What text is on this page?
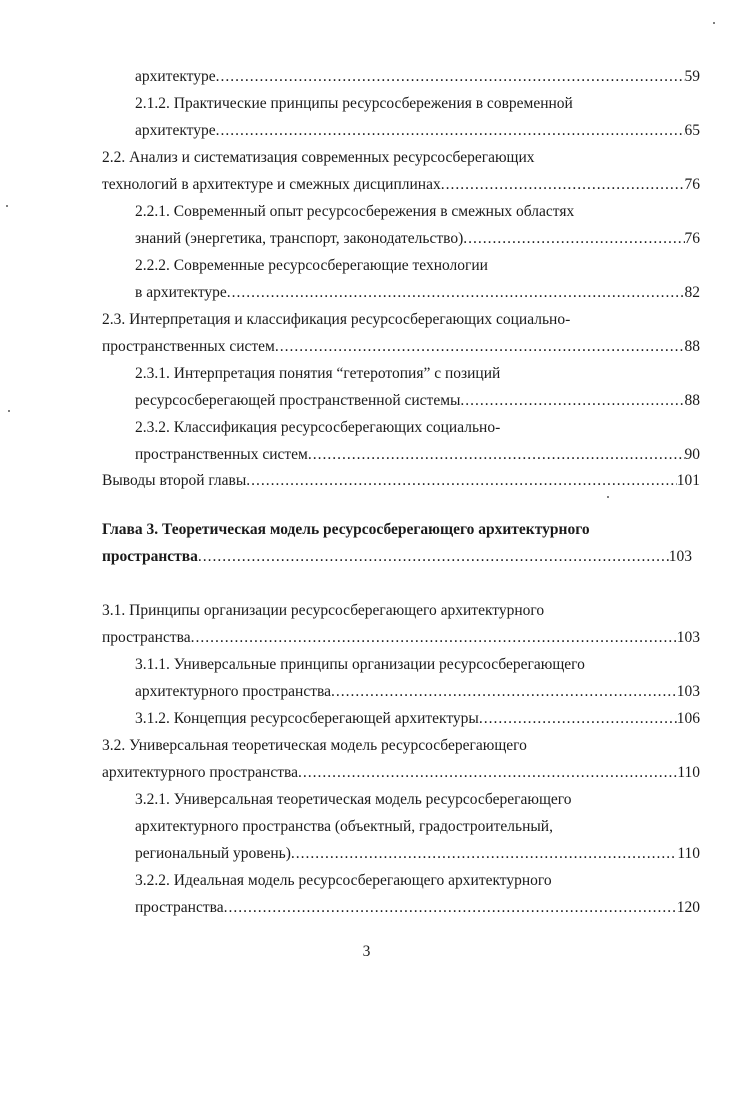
архитектуре .....	59
2.1.2. Практические принципы ресурсосбережения в современной
архитектуре .....	65
2.2. Анализ и систематизация современных ресурсосберегающих
технологий в архитектуре и смежных дисциплинах .....	76
2.2.1. Современный опыт ресурсосбережения в смежных областях
знаний (энергетика, транспорт, законодательство) .....	76
2.2.2. Современные ресурсосберегающие технологии
в архитектуре .....	82
2.3. Интерпретация и классификация ресурсосберегающих социально-
пространственных систем .....	88
2.3.1. Интерпретация понятия “гетеротопия” с позиций
ресурсосберегающей пространственной системы .....	88
2.3.2. Классификация ресурсосберегающих социально-
пространственных систем .....	90
Выводы второй главы .....	101
Глава 3. Теоретическая модель ресурсосберегающего архитектурного
пространства .....	103
3.1. Принципы организации ресурсосберегающего архитектурного
пространства .....	103
3.1.1. Универсальные принципы организации ресурсосберегающего
архитектурного пространства .....	103
3.1.2. Концепция ресурсосберегающей архитектуры .....	106
3.2. Универсальная теоретическая модель ресурсосберегающего
архитектурного пространства .....	110
3.2.1. Универсальная теоретическая модель ресурсосберегающего
архитектурного пространства (объектный, градостроительный,
региональный уровень) .....	110
3.2.2. Идеальная модель ресурсосберегающего архитектурного
пространства .....	120
3
